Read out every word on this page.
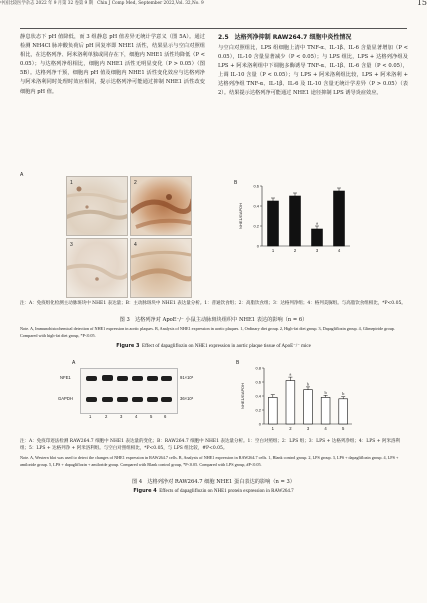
中国比较医学杂志 2022 年 9 月第 32 卷第 9 期 Chin J Comp Med, September 2022,Vol. 32,No. 9	15

静息状态下 pH 值降低，而 3 组静息 pH 值差异无统计学意义（图 5A）。通过检测 NH4Cl 脉冲酸负荷后 pH 回复率即 NHE1 活性，结果显示与空白对照组相比，在达格列净、阿米洛利单独或同存在下，细胞内 NHE1 活性均降低（P < 0.05）；与达格列净组相比，细胞内 NHE1 活性无明显变化（P > 0.05）（图 5B）。达格列净干预，细胞内 pH 值及细胞内 NHE1 活性变化效应与达格列净与阿米洛利同时处理时效应相同，提示达格列净可能通过抑制 NHE1 活性改变细胞内 pH 值。

2.5　达格列净抑制 RAW264.7 细胞中炎性情况

与空白对照组比，LPS 组细胞上清中 TNF-α、IL-1β、IL-6 含量显著增加（P < 0.05），IL-10 含量显著减少（P < 0.05）；与 LPS 组比，LPS + 达格列净组及 LPS + 阿米洛利组中下调胞多酶诱导 TNF-α、IL-1β、IL-6 含量（P < 0.05），上调 IL-10 含量（P < 0.05）；与 LPS + 阿米洛利组比较，LPS + 阿米洛利 + 达格列净组 TNF-α、IL-1β、IL-6 及 IL-10 含量无统计学差异（P > 0.05）（表 2）。结果提示达格列净可能通过 NHE1 途径抑制 LPS 诱导炎症效应。

A
1	2
3	4
B
0
0.2
0.4
0.6
NHE1/GAPDH
1	2
a
3	4
注：A：免疫组化检测主动脉斑块中 NHE1 表达量；B：主动脉斑块中 NHE1 表达量分析。1：普通饮食组；2：高脂饮食组；3：达格列净组；4：格列美脲组。与高脂饮食组相比，*P<0.05。
图 3　达格列净对 ApoE⁻/⁻ 小鼠主动脉斑块组织中 NHE1 表达的影响（n = 6）
Note. A, Immunohistochemical detection of NHE1 expression in aortic plaques. B, Analysis of NHE1 expression in aortic plaques. 1, Ordinary diet group. 2, High-fat diet group. 3, Dapagliflozin group. 4, Glimepiride group. Compared with high-fat diet group, *P<0.05.
Figure 3 Effect of dapagliflozin on NHE1 expression in aortic plaque tissue of ApoE⁻/⁻ mice
A
NFE1
GAPDH
91×10³
36×10³
1	2	3	4	5	6
B
0
0.2
0.4
0.6
0.8
NHE1/GAPDH
1
a
2
b
3
b
4
b
5
注：A：免疫印迹法检测 RAW264.7 细胞中 NHE1 表达量的变化；B：RAW264.7 细胞中 NHE1 表达量分析。1：空白对照组；2：LPS 组；3：LPS + 达格列净组；4：LPS + 阿米洛利组；5：LPS + 达格列净 + 阿米洛利组。与空白对照组相比，*P<0.05，与 LPS 组比较，#P<0.05。
Note. A, Western blot was used to detect the changes of NHE1 expression in RAW264.7 cells. B, Analysis of NHE1 expression in RAW264.7 cells. 1, Blank control group. 2, LPS group. 3, LPS + dapagliflozin group. 4, LPS + amiloride group. 5, LPS + dapagliflozin + amiloride group. Compared with Blank control group, *P<0.05. Compared with LPS group, #P<0.05.
图 4　达格列净对 RAW264.7 细胞 NHE1 蛋白表达的影响（n = 3）
Figure 4 Effects of dapagliflozin on NHE1 protein expression in RAW264.7
